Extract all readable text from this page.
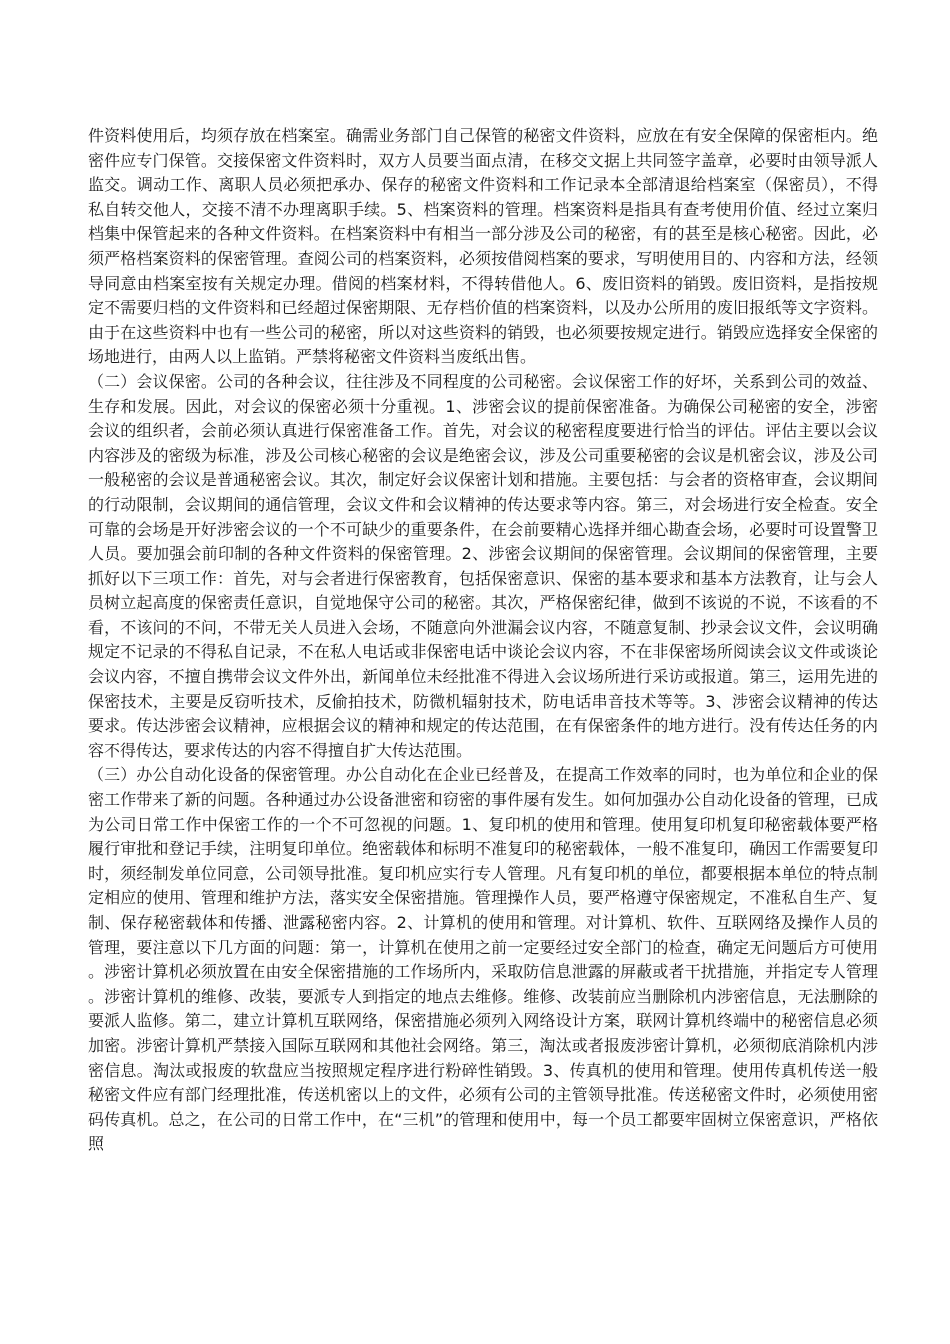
件资料使用后，均须存放在档案室。确需业务部门自己保管的秘密文件资料，应放在有安全保障的保密柜内。绝密件应专门保管。交接保密文件资料时，双方人员要当面点清，在移交文据上共同签字盖章，必要时由领导派人监交。调动工作、离职人员必须把承办、保存的秘密文件资料和工作记录本全部清退给档案室（保密员），不得私自转交他人，交接不清不办理离职手续。5、档案资料的管理。档案资料是指具有查考使用价值、经过立案归档集中保管起来的各种文件资料。在档案资料中有相当一部分涉及公司的秘密，有的甚至是核心秘密。因此，必须严格档案资料的保密管理。查阅公司的档案资料，必须按借阅档案的要求，写明使用目的、内容和方法，经领导同意由档案室按有关规定办理。借阅的档案材料，不得转借他人。6、废旧资料的销毁。废旧资料，是指按规定不需要归档的文件资料和已经超过保密期限、无存档价值的档案资料，以及办公所用的废旧报纸等文字资料。由于在这些资料中也有一些公司的秘密，所以对这些资料的销毁，也必须要按规定进行。销毁应选择安全保密的场地进行，由两人以上监销。严禁将秘密文件资料当废纸出售。

（二）会议保密。公司的各种会议，往往涉及不同程度的公司秘密。会议保密工作的好坏，关系到公司的效益、生存和发展。因此，对会议的保密必须十分重视。1、涉密会议的提前保密准备。为确保公司秘密的安全，涉密会议的组织者，会前必须认真进行保密准备工作。首先，对会议的秘密程度要进行恰当的评估。评估主要以会议内容涉及的密级为标准，涉及公司核心秘密的会议是绝密会议，涉及公司重要秘密的会议是机密会议，涉及公司一般秘密的会议是普通秘密会议。其次，制定好会议保密计划和措施。主要包括：与会者的资格审查，会议期间的行动限制，会议期间的通信管理，会议文件和会议精神的传达要求等内容。第三，对会场进行安全检查。安全可靠的会场是开好涉密会议的一个不可缺少的重要条件，在会前要精心选择并细心勘查会场，必要时可设置警卫人员。要加强会前印制的各种文件资料的保密管理。2、涉密会议期间的保密管理。会议期间的保密管理，主要抓好以下三项工作：首先，对与会者进行保密教育，包括保密意识、保密的基本要求和基本方法教育，让与会人员树立起高度的保密责任意识，自觉地保守公司的秘密。其次，严格保密纪律，做到不该说的不说，不该看的不看，不该问的不问，不带无关人员进入会场，不随意向外泄漏会议内容，不随意复制、抄录会议文件，会议明确规定不记录的不得私自记录，不在私人电话或非保密电话中谈论会议内容，不在非保密场所阅读会议文件或谈论会议内容，不擅自携带会议文件外出，新闻单位未经批准不得进入会议场所进行采访或报道。第三，运用先进的保密技术，主要是反窃听技术，反偷拍技术，防微机辐射技术，防电话串音技术等等。3、涉密会议精神的传达要求。传达涉密会议精神，应根据会议的精神和规定的传达范围，在有保密条件的地方进行。没有传达任务的内容不得传达，要求传达的内容不得擅自扩大传达范围。

（三）办公自动化设备的保密管理。办公自动化在企业已经普及，在提高工作效率的同时，也为单位和企业的保密工作带来了新的问题。各种通过办公设备泄密和窃密的事件屡有发生。如何加强办公自动化设备的管理，已成为公司日常工作中保密工作的一个不可忽视的问题。1、复印机的使用和管理。使用复印机复印秘密载体要严格履行审批和登记手续，注明复印单位。绝密载体和标明不准复印的秘密载体，一般不准复印，确因工作需要复印时，须经制发单位同意，公司领导批准。复印机应实行专人管理。凡有复印机的单位，都要根据本单位的特点制定相应的使用、管理和维护方法，落实安全保密措施。管理操作人员，要严格遵守保密规定，不准私自生产、复制、保存秘密载体和传播、泄露秘密内容。2、计算机的使用和管理。对计算机、软件、互联网络及操作人员的管理，要注意以下几方面的问题：第一，计算机在使用之前一定要经过安全部门的检查，确定无问题后方可使用。涉密计算机必须放置在由安全保密措施的工作场所内，采取防信息泄露的屏蔽或者干扰措施，并指定专人管理。涉密计算机的维修、改装，要派专人到指定的地点去维修。维修、改装前应当删除机内涉密信息，无法删除的要派人监修。第二，建立计算机互联网络，保密措施必须列入网络设计方案，联网计算机终端中的秘密信息必须加密。涉密计算机严禁接入国际互联网和其他社会网络。第三，淘汰或者报废涉密计算机，必须彻底消除机内涉密信息。淘汰或报废的软盘应当按照规定程序进行粉碎性销毁。3、传真机的使用和管理。使用传真机传送一般秘密文件应有部门经理批准，传送机密以上的文件，必须有公司的主管领导批准。传送秘密文件时，必须使用密码传真机。总之，在公司的日常工作中，在“三机”的管理和使用中，每一个员工都要牢固树立保密意识，严格依照
